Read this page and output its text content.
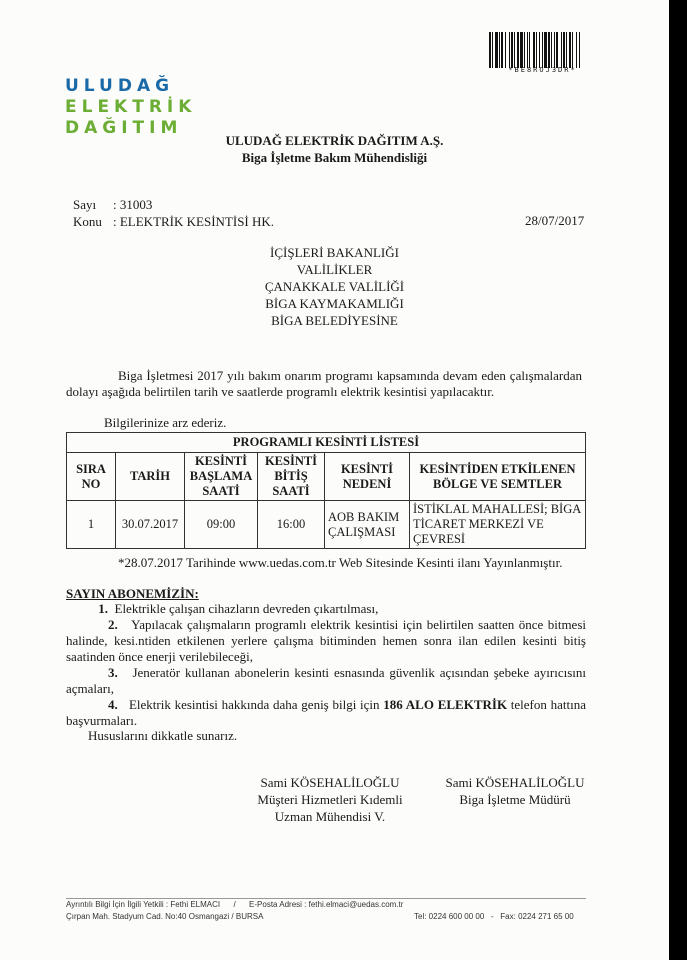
ULUDAĞ
ELEKTRİK
DAĞITIM
*BE8ROJ3DR*
ULUDAĞ ELEKTRİK DAĞITIM A.Ş.
Biga İşletme Bakım Mühendisliği
Sayı : 31003
Konu : ELEKTRİK KESİNTİSİ HK.	28/07/2017
İÇİŞLERİ BAKANLIĞI
VALİLİKLER
ÇANAKKALE VALİLİĞİ
BİGA KAYMAKAMLIĞI
BİGA BELEDİYESİNE
Biga İşletmesi 2017 yılı bakım onarım programı kapsamında devam eden çalışmalardan dolayı aşağıda belirtilen tarih ve saatlerde programlı elektrik kesintisi yapılacaktır.
Bilgilerinize arz ederiz.
PROGRAMLI KESİNTİ LİSTESİ					
SIRA NO	TARİH	KESİNTİ BAŞLAMA SAATİ	KESİNTİ BİTİŞ SAATİ	KESİNTİ NEDENİ	KESİNTİDEN ETKİLENEN BÖLGE VE SEMTLER
1	30.07.2017	09:00	16:00	AOB BAKIM ÇALIŞMASI	İSTİKLAL MAHALLESİ; BİGA TİCARET MERKEZİ VE ÇEVRESİ
*28.07.2017 Tarihinde www.uedas.com.tr Web Sitesinde Kesinti ilanı Yayınlanmıştır.
SAYIN ABONEMİZİN:
1. Elektrikle çalışan cihazların devreden çıkartılması,
2. Yapılacak çalışmaların programlı elektrik kesintisi için belirtilen saatten önce bitmesi halinde, kesi.ntiden etkilenen yerlere çalışma bitiminden hemen sonra ilan edilen kesinti bitiş saatinden önce enerji verilebileceği,
3. Jeneratör kullanan abonelerin kesinti esnasında güvenlik açısından şebeke ayırıcısını açmaları,
4. Elektrik kesintisi hakkında daha geniş bilgi için 186 ALO ELEKTRİK telefon hattına başvurmaları.
Hususlarını dikkatle sunarız.
Sami KÖSEHALİLOĞLU
Müşteri Hizmetleri Kıdemli
Uzman Mühendisi V.
Sami KÖSEHALİLOĞLU
Biga İşletme Müdürü
Ayrıntılı Bilgi İçin İlgili Yetkili : Fethi ELMACI      /      E-Posta Adresi : fethi.elmaci@uedas.com.tr
Çırpan Mah. Stadyum Cad. No:40 Osmangazi / BURSA	Tel: 0224 600 00 00   -   Fax: 0224 271 65 00
